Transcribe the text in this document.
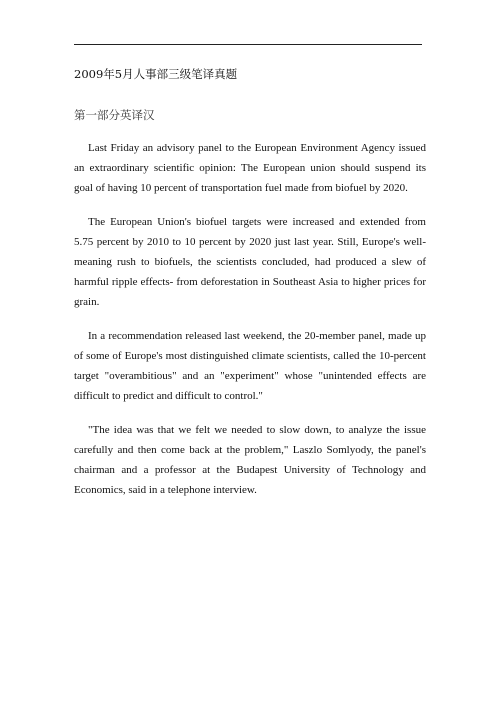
2009年5月人事部三级笔译真题
第一部分英译汉

Last Friday an advisory panel to the European Environment Agency issued an extraordinary scientific opinion: The European union should suspend its goal of having 10 percent of transportation fuel made from biofuel by 2020.

The European Union's biofuel targets were increased and extended from 5.75 percent by 2010 to 10 percent by 2020 just last year. Still, Europe's well-meaning rush to biofuels, the scientists concluded, had produced a slew of harmful ripple effects- from deforestation in Southeast Asia to higher prices for grain.

In a recommendation released last weekend, the 20-member panel, made up of some of Europe's most distinguished climate scientists, called the 10-percent target "overambitious" and an "experiment" whose "unintended effects are difficult to predict and difficult to control."

"The idea was that we felt we needed to slow down, to analyze the issue carefully and then come back at the problem," Laszlo Somlyody, the panel's chairman and a professor at the Budapest University of Technology and Economics, said in a telephone interview.
